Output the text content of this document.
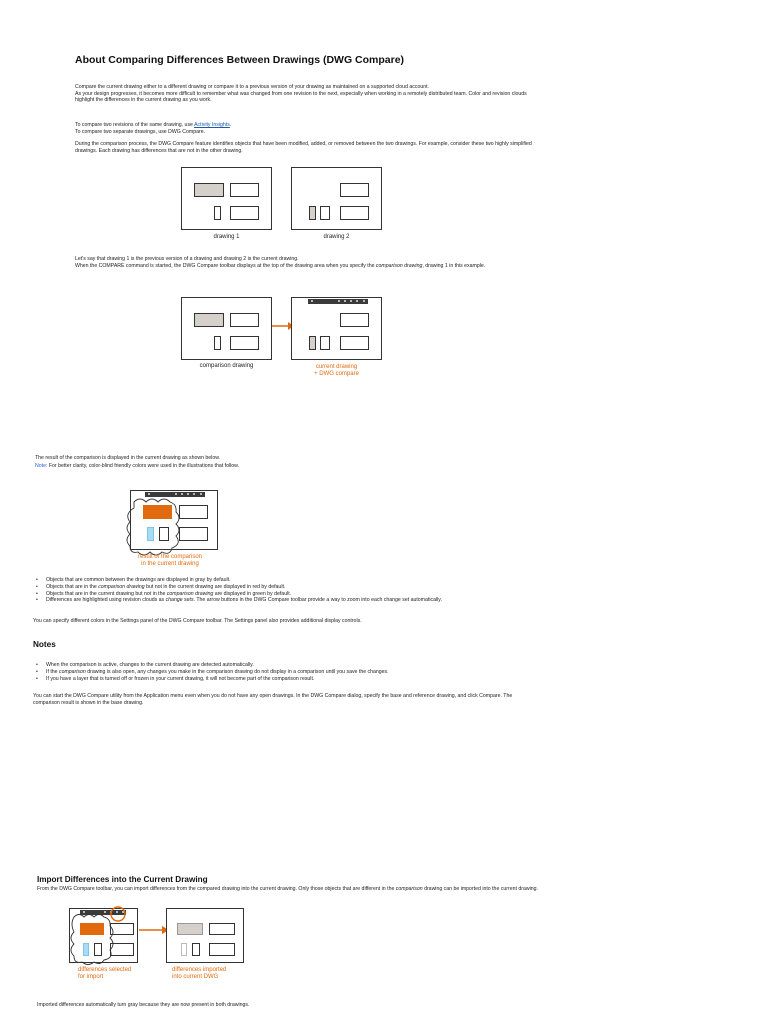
About Comparing Differences Between Drawings (DWG Compare)
Compare the current drawing either to a different drawing or compare it to a previous version of your drawing as maintained on a supported cloud account.
As your design progresses, it becomes more difficult to remember what was changed from one revision to the next, especially when working in a remotely distributed team. Color and revision clouds
highlight the differences in the current drawing as you work.
To compare two revisions of the same drawing, use Activity Insights.
To compare two separate drawings, use DWG Compare.
During the comparison process, the DWG Compare feature identifies objects that have been modified, added, or removed between the two drawings. For example, consider these two highly simplified
drawings. Each drawing has differences that are not in the other drawing.
drawing 1	drawing 2
Let's say that drawing 1 is the previous version of a drawing and drawing 2 is the current drawing.
When the COMPARE command is started, the DWG Compare toolbar displays at the top of the drawing area when you specify the comparison drawing, drawing 1 in this example.
comparison drawing	current drawing
+ DWG compare
The result of the comparison is displayed in the current drawing as shown below.
Note: For better clarity, color-blind friendly colors were used in the illustrations that follow.
result of the comparison
in the current drawing
• Objects that are common between the drawings are displayed in gray by default.
• Objects that are in the comparison drawing but not in the current drawing are displayed in red by default.
• Objects that are in the current drawing but not in the comparison drawing are displayed in green by default.
• Differences are highlighted using revision clouds as change sets. The arrow buttons in the DWG Compare toolbar provide a way to zoom into each change set automatically.
You can specify different colors in the Settings panel of the DWG Compare toolbar. The Settings panel also provides additional display controls.
Notes
• When the comparison is active, changes to the current drawing are detected automatically.
• If the comparison drawing is also open, any changes you make in the comparison drawing do not display in a comparison until you save the changes.
• If you have a layer that is turned off or frozen in your current drawing, it will not become part of the comparison result.
You can start the DWG Compare utility from the Application menu even when you do not have any open drawings. In the DWG Compare dialog, specify the base and reference drawing, and click Compare. The
comparison result is shown in the base drawing.
Import Differences into the Current Drawing
From the DWG Compare toolbar, you can import differences from the compared drawing into the current drawing. Only those objects that are different in the comparison drawing can be imported into the current drawing.
differences selected
for import
differences imported
into current DWG
Imported differences automatically turn gray because they are now present in both drawings.
